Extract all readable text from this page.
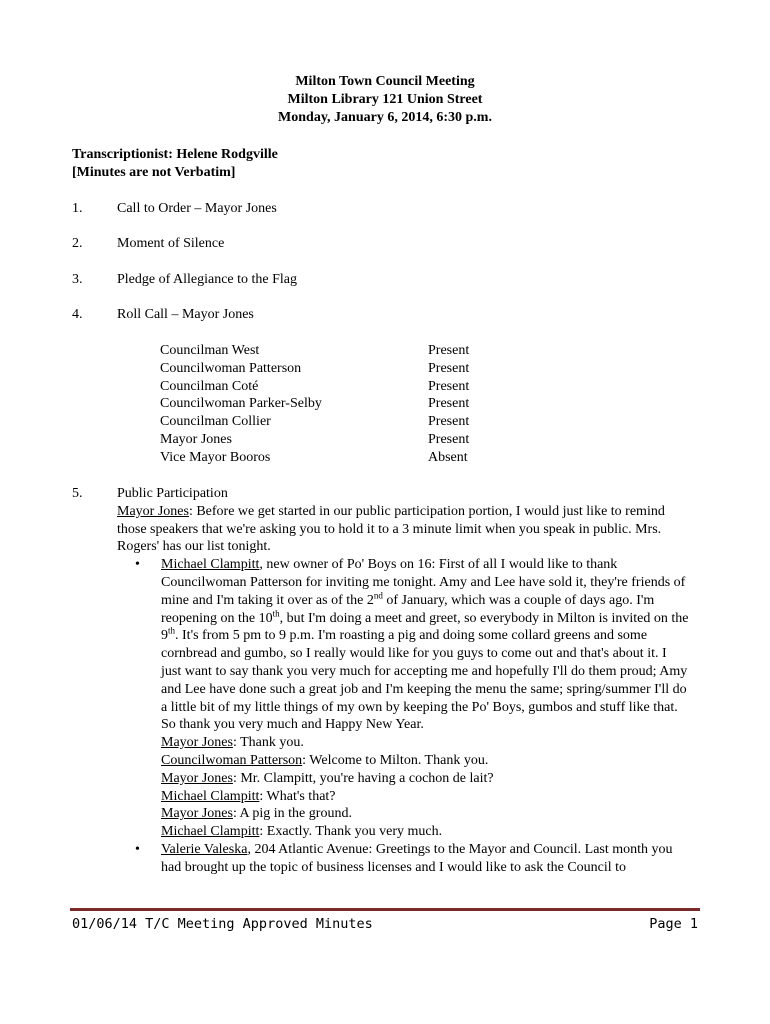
Milton Town Council Meeting
Milton Library 121 Union Street
Monday, January 6, 2014, 6:30 p.m.
Transcriptionist: Helene Rodgville
[Minutes are not Verbatim]
1. Call to Order – Mayor Jones
2. Moment of Silence
3. Pledge of Allegiance to the Flag
4. Roll Call – Mayor Jones
Councilman West	Present
Councilwoman Patterson	Present
Councilman Coté	Present
Councilwoman Parker-Selby	Present
Councilman Collier	Present
Mayor Jones	Present
Vice Mayor Booros	Absent
5. Public Participation

Mayor Jones: Before we get started in our public participation portion, I would just like to remind those speakers that we're asking you to hold it to a 3 minute limit when you speak in public. Mrs. Rogers' has our list tonight.

• Michael Clampitt, new owner of Po' Boys on 16: First of all I would like to thank Councilwoman Patterson for inviting me tonight. Amy and Lee have sold it, they're friends of mine and I'm taking it over as of the 2nd of January, which was a couple of days ago. I'm reopening on the 10th, but I'm doing a meet and greet, so everybody in Milton is invited on the 9th. It's from 5 pm to 9 p.m. I'm roasting a pig and doing some collard greens and some cornbread and gumbo, so I really would like for you guys to come out and that's about it. I just want to say thank you very much for accepting me and hopefully I'll do them proud; Amy and Lee have done such a great job and I'm keeping the menu the same; spring/summer I'll do a little bit of my little things of my own by keeping the Po' Boys, gumbos and stuff like that. So thank you very much and Happy New Year.

Mayor Jones: Thank you.

Councilwoman Patterson: Welcome to Milton. Thank you.

Mayor Jones: Mr. Clampitt, you're having a cochon de lait?

Michael Clampitt: What's that?

Mayor Jones: A pig in the ground.

Michael Clampitt: Exactly. Thank you very much.

• Valerie Valeska, 204 Atlantic Avenue: Greetings to the Mayor and Council. Last month you had brought up the topic of business licenses and I would like to ask the Council to

01/06/14 T/C Meeting Approved Minutes	Page 1
